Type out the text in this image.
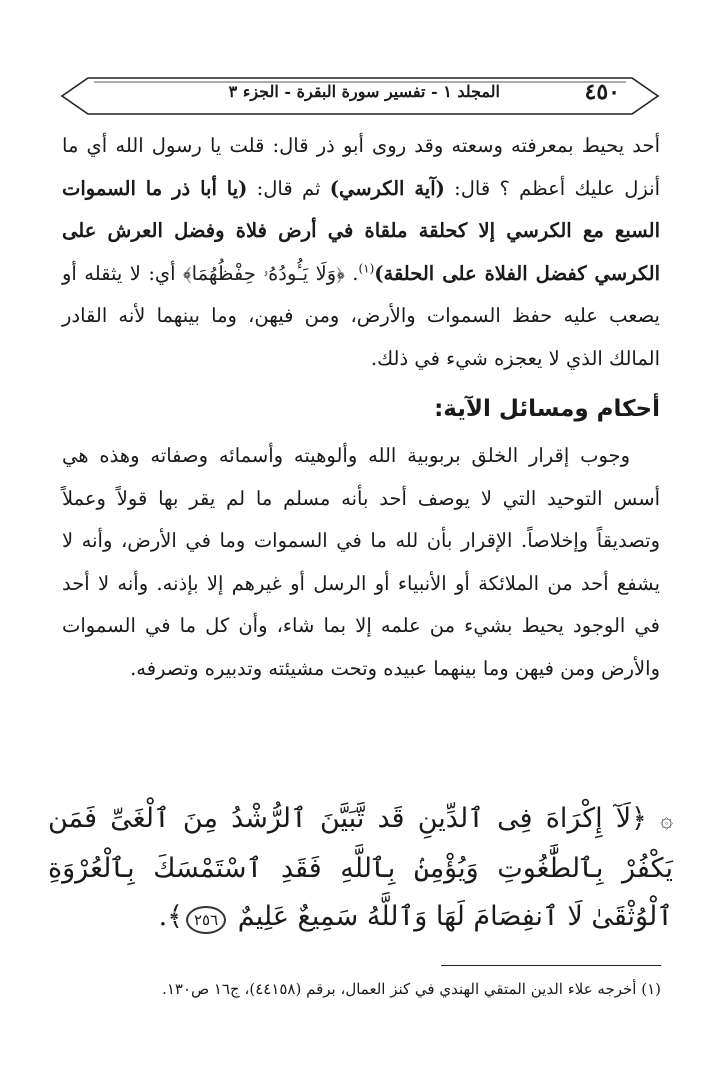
٤٥٠
المجلد ١ - تفسير سورة البقرة - الجزء ٣

أحد يحيط بمعرفته وسعته وقد روى أبو ذر قال: قلت يا رسول الله أي ما أنزل عليك أعظم ؟ قال: (آية الكرسي) ثم قال: (يا أبا ذر ما السموات السبع مع الكرسي إلا كحلقة ملقاة في أرض فلاة وفضل العرش على الكرسي كفضل الفلاة على الحلقة)$^{(١)}$. ﴿وَلَا يَـُٔودُهُۥ حِفْظُهُمَا﴾ أي: لا يثقله أو يصعب عليه حفظ السموات والأرض، ومن فيهن، وما بينهما لأنه القادر المالك الذي لا يعجزه شيء في ذلك.

أحكام ومسائل الآية:

وجوب إقرار الخلق بربوبية الله وألوهيته وأسمائه وصفاته وهذه هي أسس التوحيد التي لا يوصف أحد بأنه مسلم ما لم يقر بها قولاً وعملاً وتصديقاً وإخلاصاً. الإقرار بأن لله ما في السموات وما في الأرض، وأنه لا يشفع أحد من الملائكة أو الأنبياء أو الرسل أو غيرهم إلا بإذنه. وأنه لا أحد في الوجود يحيط بشيء من علمه إلا بما شاء، وأن كل ما في السموات والأرض ومن فيهن وما بينهما عبيده وتحت مشيئته وتدبيره وتصرفه.

۞ ﴿لَآ إِكْرَاهَ فِى ٱلدِّينِ قَد تَّبَيَّنَ ٱلرُّشْدُ مِنَ ٱلْغَىِّ فَمَن يَكْفُرْ بِٱلطَّٰغُوتِ وَيُؤْمِنۢ بِٱللَّهِ فَقَدِ ٱسْتَمْسَكَ بِٱلْعُرْوَةِ ٱلْوُثْقَىٰ لَا ٱنفِصَامَ لَهَا وَٱللَّهُ سَمِيعٌ عَلِيمٌ ٢٥٦﴾.
(١) أخرجه علاء الدين المتقي الهندي في كنز العمال، برقم (٤٤١٥٨)، ج١٦ ص١٣٠.
